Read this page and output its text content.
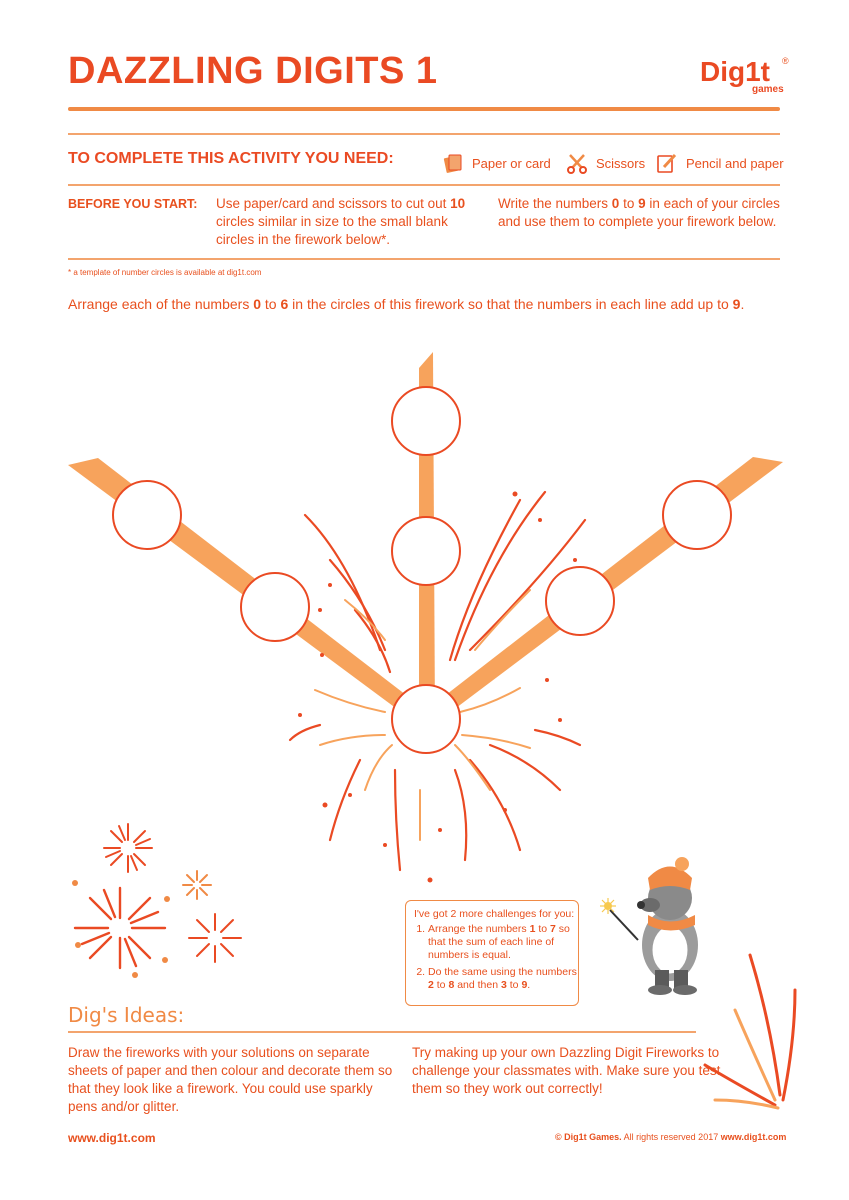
DAZZLING DIGITS 1	Dig1t ®
games
TO COMPLETE THIS ACTIVITY YOU NEED:	Paper or card	Scissors	Pencil and paper
BEFORE YOU START: Use paper/card and scissors to cut out 10 circles similar in size to the small blank circles in the firework below*.
Write the numbers 0 to 9 in each of your circles and use them to complete your firework below.
* a template of number circles is available at dig1t.com
Arrange each of the numbers 0 to 6 in the circles of this firework so that the numbers in each line add up to 9.
I've got 2 more challenges for you:
1. Arrange the numbers 1 to 7 so that the sum of each line of numbers is equal.
2. Do the same using the numbers 2 to 8 and then 3 to 9.
Dig's Ideas:
Draw the fireworks with your solutions on separate sheets of paper and then colour and decorate them so that they look like a firework. You could use sparkly pens and/or glitter.
Try making up your own Dazzling Digit Fireworks to challenge your classmates with. Make sure you test them so they work out correctly!
www.dig1t.com	© Dig1t Games. All rights reserved 2017 www.dig1t.com
